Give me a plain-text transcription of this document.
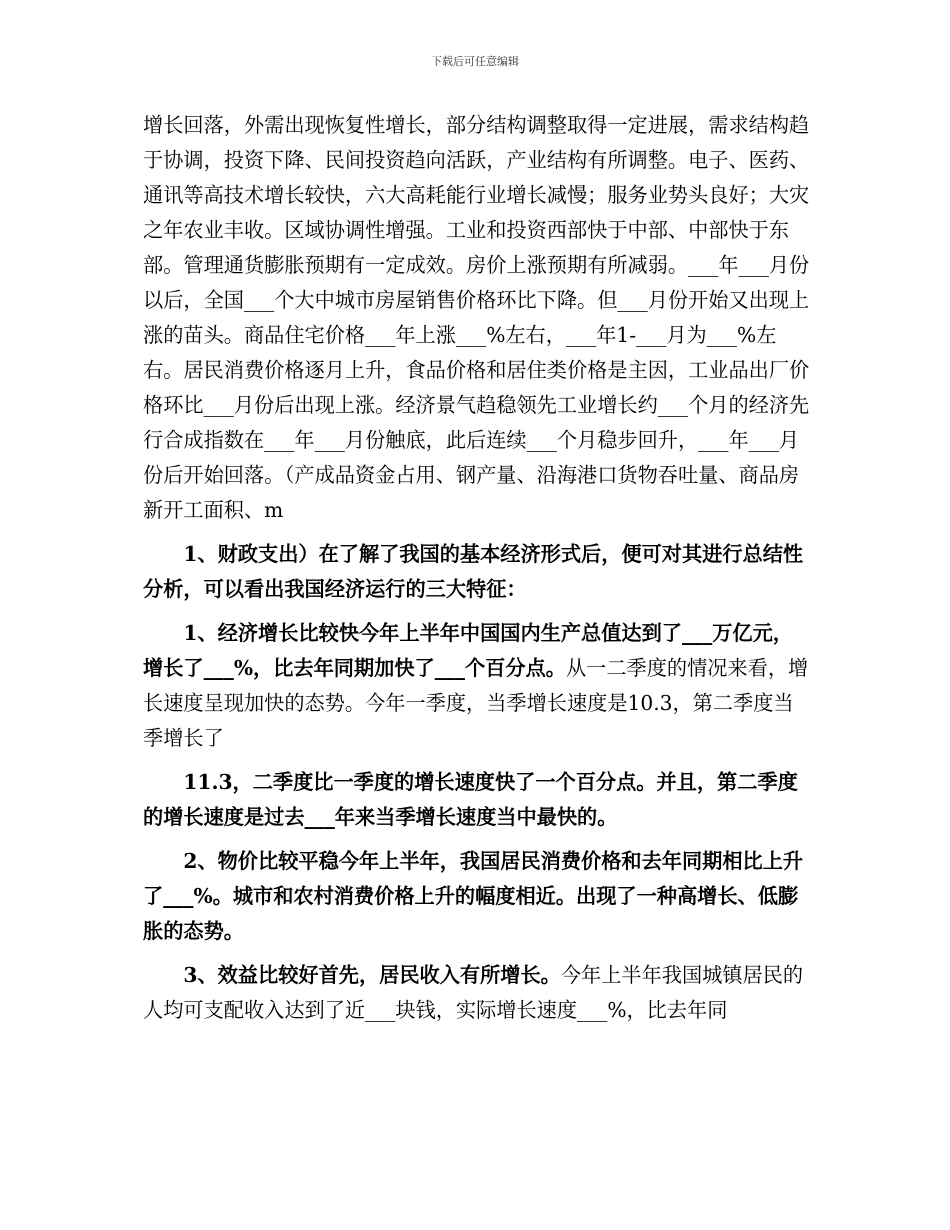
下载后可任意编辑

增长回落，外需出现恢复性增长，部分结构调整取得一定进展，需求结构趋于协调，投资下降、民间投资趋向活跃，产业结构有所调整。电子、医药、通讯等高技术增长较快，六大高耗能行业增长减慢；服务业势头良好；大灾之年农业丰收。区域协调性增强。工业和投资西部快于中部、中部快于东部。管理通货膨胀预期有一定成效。房价上涨预期有所减弱。___年___月份以后，全国___个大中城市房屋销售价格环比下降。但___月份开始又出现上涨的苗头。商品住宅价格___年上涨___%左右，___年1-___月为___%左右。居民消费价格逐月上升，食品价格和居住类价格是主因，工业品出厂价格环比___月份后出现上涨。经济景气趋稳领先工业增长约___个月的经济先行合成指数在___年___月份触底，此后连续___个月稳步回升，___年___月份后开始回落。（产成品资金占用、钢产量、沿海港口货物吞吐量、商品房新开工面积、m

1、财政支出）在了解了我国的基本经济形式后，便可对其进行总结性分析，可以看出我国经济运行的三大特征：

1、经济增长比较快今年上半年中国国内生产总值达到了___万亿元，增长了___%，比去年同期加快了___个百分点。从一二季度的情况来看，增长速度呈现加快的态势。今年一季度，当季增长速度是10.3，第二季度当季增长了

11.3，二季度比一季度的增长速度快了一个百分点。并且，第二季度的增长速度是过去___年来当季增长速度当中最快的。

2、物价比较平稳今年上半年，我国居民消费价格和去年同期相比上升了___%。城市和农村消费价格上升的幅度相近。出现了一种高增长、低膨胀的态势。

3、效益比较好首先，居民收入有所增长。今年上半年我国城镇居民的人均可支配收入达到了近___块钱，实际增长速度___%，比去年同
